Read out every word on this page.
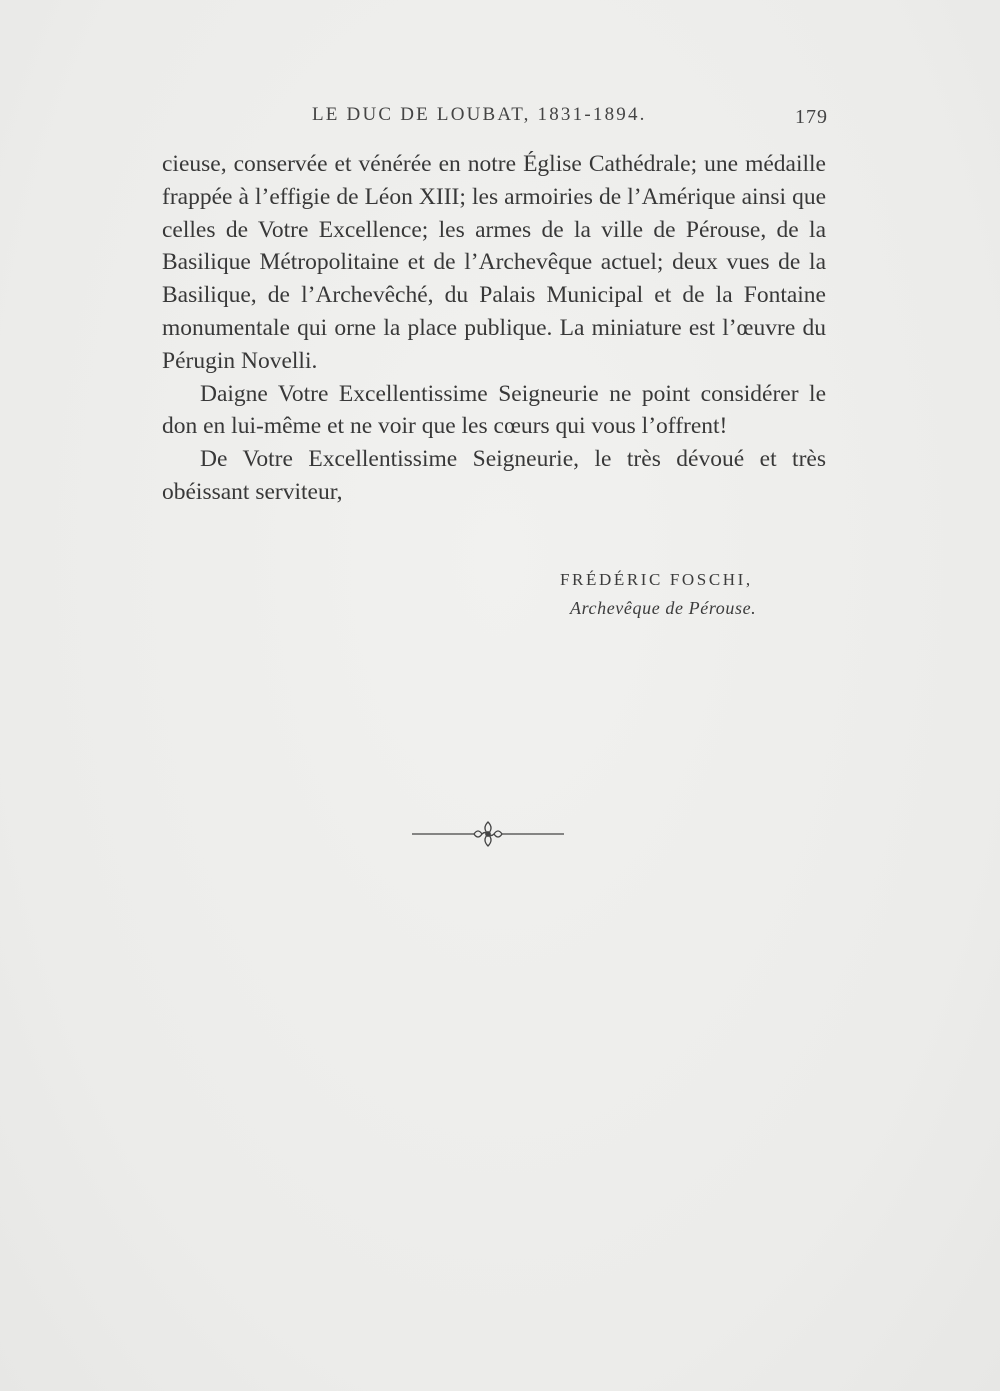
LE DUC DE LOUBAT, 1831-1894.	179

cieuse, conservée et vénérée en notre Église Cathédrale; une médaille frappée à l’effigie de Léon XIII; les armoiries de l’Amérique ainsi que celles de Votre Excellence; les armes de la ville de Pérouse, de la Basilique Métropolitaine et de l’Archevêque actuel; deux vues de la Basilique, de l’Archevêché, du Palais Municipal et de la Fontaine monumentale qui orne la place publique. La miniature est l’œuvre du Pérugin Novelli.

Daigne Votre Excellentissime Seigneurie ne point considérer le don en lui-même et ne voir que les cœurs qui vous l’offrent!

De Votre Excellentissime Seigneurie, le très dévoué et très obéissant serviteur,

FRÉDÉRIC FOSCHI,
Archevêque de Pérouse.
